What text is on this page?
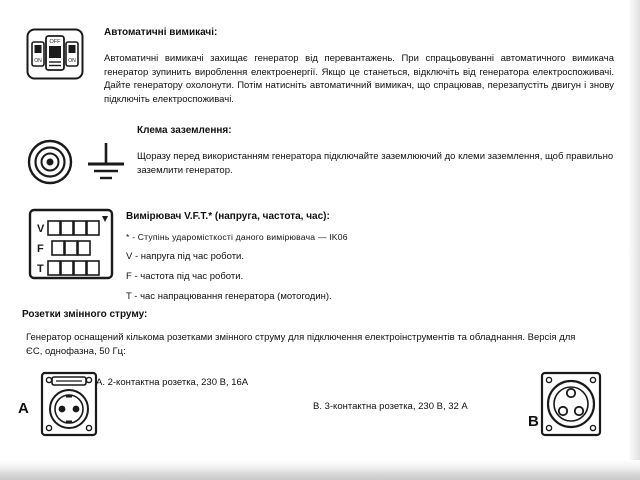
ON
OFF
ON
Автоматичні вимикачі:
Автоматичні вимикачі захищає генератор від перевантажень. При спрацьовуванні автоматичного вимикача генератор зупинить вироблення електроенергії. Якщо це станеться, відключіть від генератора електроспоживачі. Дайте генератору охолонути. Потім натисніть автоматичний вимикач, що спрацював, перезапустіть двигун і знову підключіть електроспоживачі.
Клема заземлення:
Щоразу перед використанням генератора підключайте заземлюючий до клеми заземлення, щоб правильно заземлити генератор.
V
F
T
Вимірювач V.F.T.* (напруга, частота, час):
* - Ступінь ударомісткості даного вимірювача — IK06
V - напруга під час роботи.
F - частота під час роботи.
T - час напрацювання генератора (мотогодин).
Розетки змінного струму:
Генератор оснащений кількома розетками змінного струму для підключення електроінструментів та обладнання. Версія для ЄС, однофазна, 50 Гц:
A. 2-контактна розетка, 230 В, 16А
B. 3-контактна розетка, 230 В, 32 А
A
B
